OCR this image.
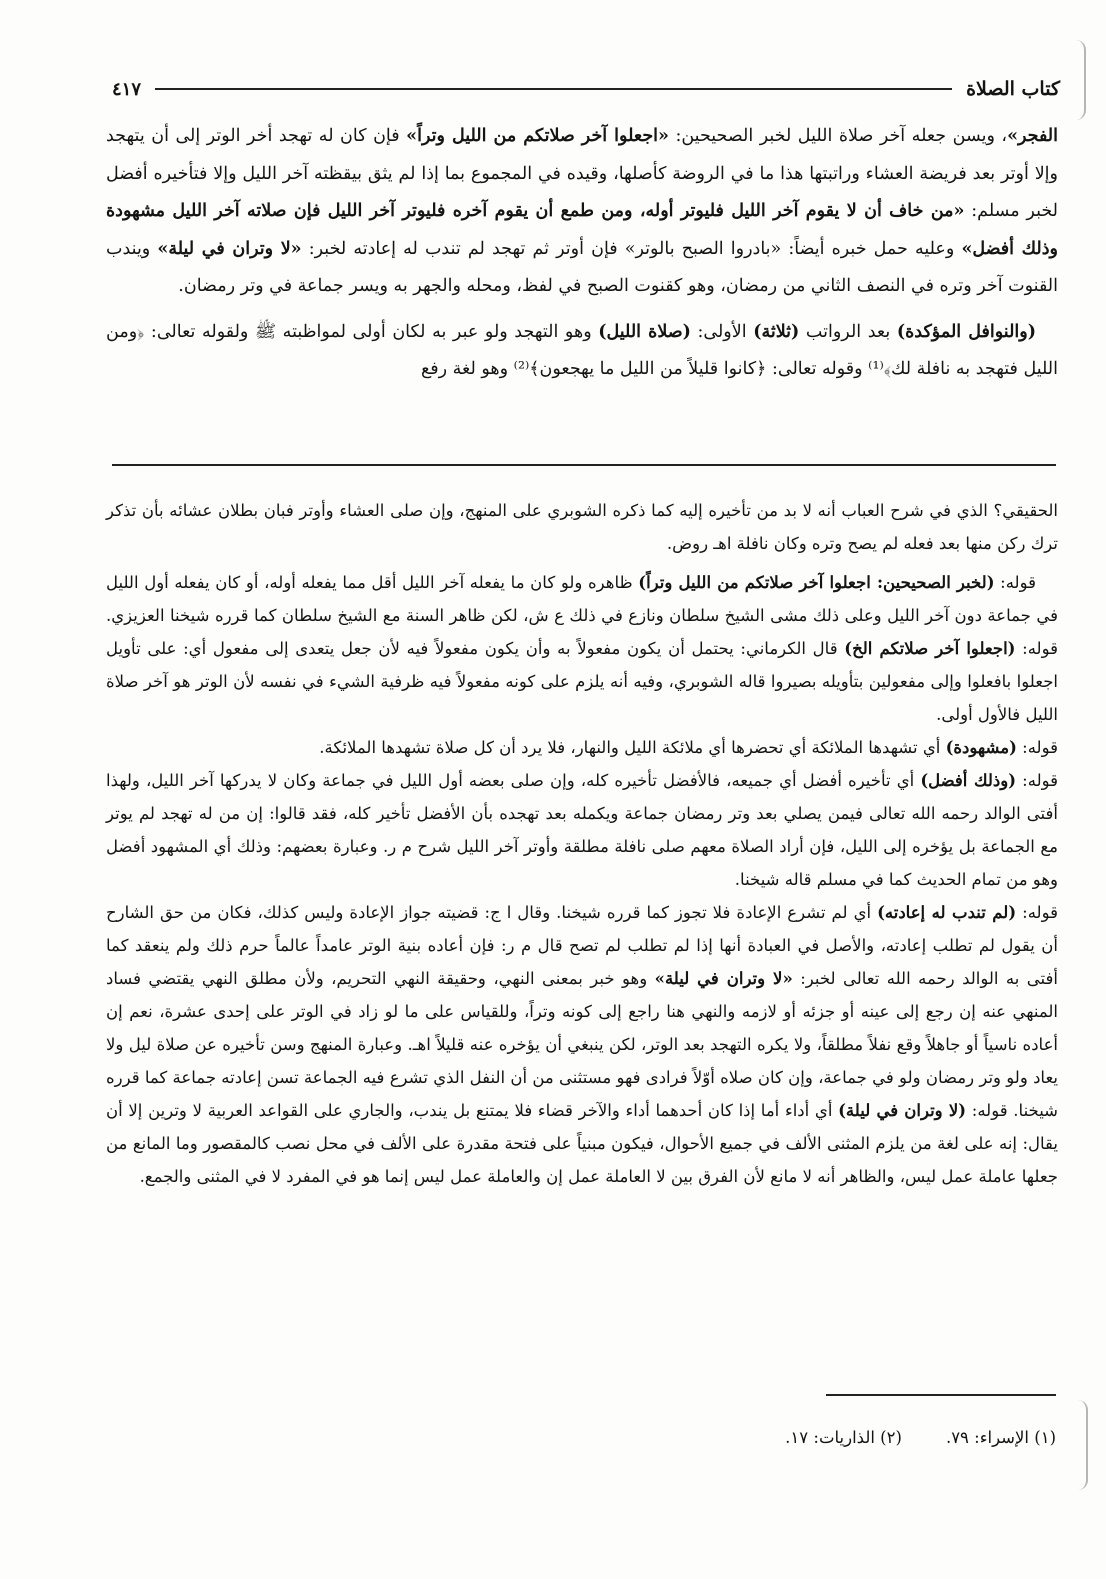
كتاب الصلاة
٤١٧

الفجر»، ويسن جعله آخر صلاة الليل لخبر الصحيحين: «اجعلوا آخر صلاتكم من الليل وتراً» فإن كان له تهجد أخر الوتر إلى أن يتهجد وإلا أوتر بعد فريضة العشاء وراتبتها هذا ما في الروضة كأصلها، وقيده في المجموع بما إذا لم يثق بيقظته آخر الليل وإلا فتأخيره أفضل لخبر مسلم: «من خاف أن لا يقوم آخر الليل فليوتر أوله، ومن طمع أن يقوم آخره فليوتر آخر الليل فإن صلاته آخر الليل مشهودة وذلك أفضل» وعليه حمل خبره أيضاً: «بادروا الصبح بالوتر» فإن أوتر ثم تهجد لم تندب له إعادته لخبر: «لا وتران في ليلة» ويندب القنوت آخر وتره في النصف الثاني من رمضان، وهو كقنوت الصبح في لفظ، ومحله والجهر به ويسر جماعة في وتر رمضان.

(والنوافل المؤكدة) بعد الرواتب (ثلاثة) الأولى: (صلاة الليل) وهو التهجد ولو عبر به لكان أولى لمواظبته ﷺ ولقوله تعالى: ﴿ومن الليل فتهجد به نافلة لك﴾⁽¹⁾ وقوله تعالى: ﴿كانوا قليلاً من الليل ما يهجعون﴾⁽²⁾ وهو لغة رفع

الحقيقي؟ الذي في شرح العباب أنه لا بد من تأخيره إليه كما ذكره الشوبري على المنهج، وإن صلى العشاء وأوتر فبان بطلان عشائه بأن تذكر ترك ركن منها بعد فعله لم يصح وتره وكان نافلة اهـ روض.

قوله: (لخبر الصحيحين: اجعلوا آخر صلاتكم من الليل وتراً) ظاهره ولو كان ما يفعله آخر الليل أقل مما يفعله أوله، أو كان يفعله أول الليل في جماعة دون آخر الليل وعلى ذلك مشى الشيخ سلطان ونازع في ذلك ع ش، لكن ظاهر السنة مع الشيخ سلطان كما قرره شيخنا العزيزي. قوله: (اجعلوا آخر صلاتكم الخ) قال الكرماني: يحتمل أن يكون مفعولاً به وأن يكون مفعولاً فيه لأن جعل يتعدى إلى مفعول أي: على تأويل اجعلوا بافعلوا وإلى مفعولين بتأويله بصيروا قاله الشوبري، وفيه أنه يلزم على كونه مفعولاً فيه ظرفية الشيء في نفسه لأن الوتر هو آخر صلاة الليل فالأول أولى.

قوله: (مشهودة) أي تشهدها الملائكة أي تحضرها أي ملائكة الليل والنهار، فلا يرد أن كل صلاة تشهدها الملائكة.

قوله: (وذلك أفضل) أي تأخيره أفضل أي جميعه، فالأفضل تأخيره كله، وإن صلى بعضه أول الليل في جماعة وكان لا يدركها آخر الليل، ولهذا أفتى الوالد رحمه الله تعالى فيمن يصلي بعد وتر رمضان جماعة ويكمله بعد تهجده بأن الأفضل تأخير كله، فقد قالوا: إن من له تهجد لم يوتر مع الجماعة بل يؤخره إلى الليل، فإن أراد الصلاة معهم صلى نافلة مطلقة وأوتر آخر الليل شرح م ر. وعبارة بعضهم: وذلك أي المشهود أفضل وهو من تمام الحديث كما في مسلم قاله شيخنا.

قوله: (لم تندب له إعادته) أي لم تشرع الإعادة فلا تجوز كما قرره شيخنا. وقال ا ج: قضيته جواز الإعادة وليس كذلك، فكان من حق الشارح أن يقول لم تطلب إعادته، والأصل في العبادة أنها إذا لم تطلب لم تصح قال م ر: فإن أعاده بنية الوتر عامداً عالماً حرم ذلك ولم ينعقد كما أفتى به الوالد رحمه الله تعالى لخبر: «لا وتران في ليلة» وهو خبر بمعنى النهي، وحقيقة النهي التحريم، ولأن مطلق النهي يقتضي فساد المنهي عنه إن رجع إلى عينه أو جزئه أو لازمه والنهي هنا راجع إلى كونه وتراً، وللقياس على ما لو زاد في الوتر على إحدى عشرة، نعم إن أعاده ناسياً أو جاهلاً وقع نفلاً مطلقاً، ولا يكره التهجد بعد الوتر، لكن ينبغي أن يؤخره عنه قليلاً اهـ. وعبارة المنهج وسن تأخيره عن صلاة ليل ولا يعاد ولو وتر رمضان ولو في جماعة، وإن كان صلاه أوّلاً فرادى فهو مستثنى من أن النفل الذي تشرع فيه الجماعة تسن إعادته جماعة كما قرره شيخنا. قوله: (لا وتران في ليلة) أي أداء أما إذا كان أحدهما أداء والآخر قضاء فلا يمتنع بل يندب، والجاري على القواعد العربية لا وترين إلا أن يقال: إنه على لغة من يلزم المثنى الألف في جميع الأحوال، فيكون مبنياً على فتحة مقدرة على الألف في محل نصب كالمقصور وما المانع من جعلها عاملة عمل ليس، والظاهر أنه لا مانع لأن الفرق بين لا العاملة عمل إن والعاملة عمل ليس إنما هو في المفرد لا في المثنى والجمع.

(١) الإسراء: ٧٩.
(٢) الذاريات: ١٧.
